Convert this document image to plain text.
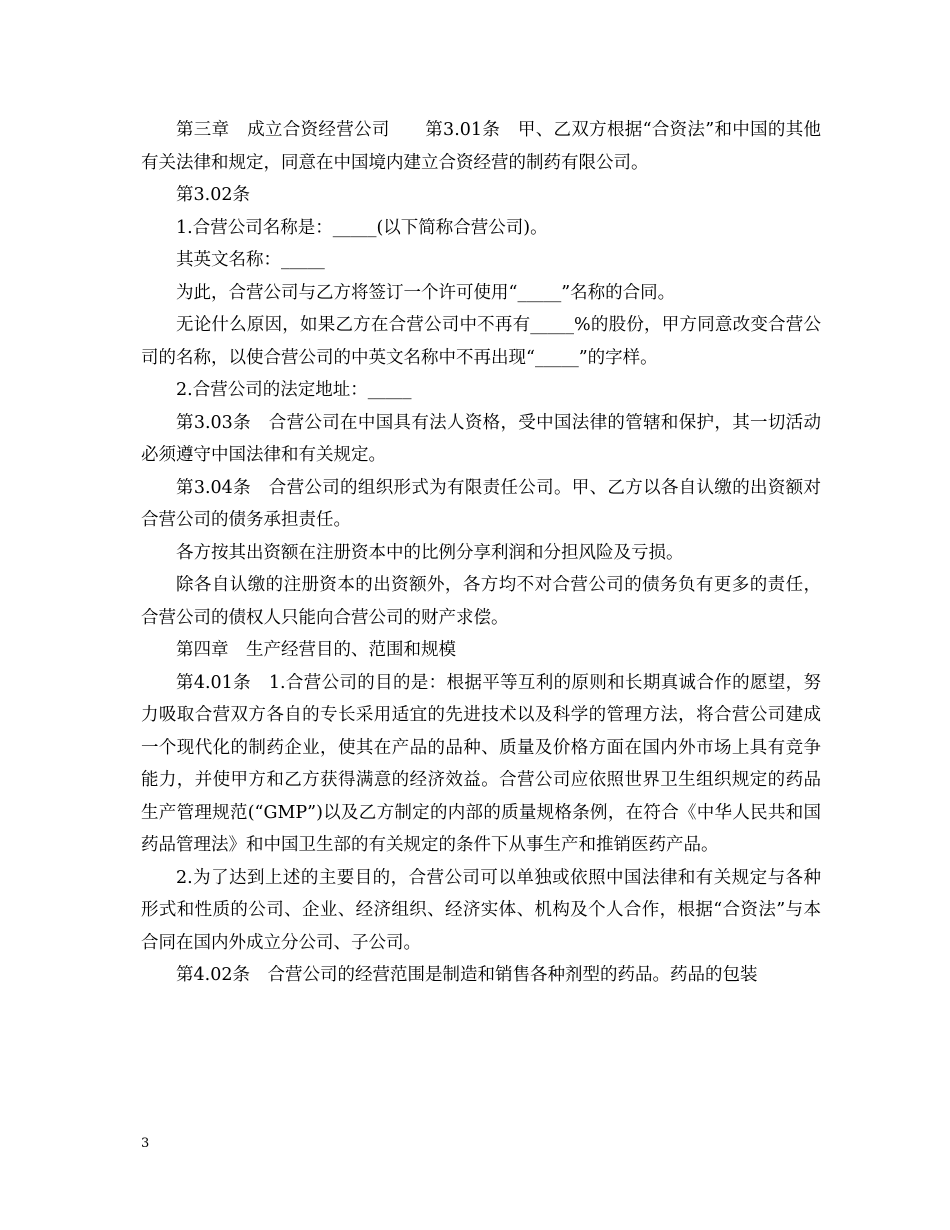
第三章　成立合资经营公司　　第3.01条　甲、乙双方根据“合资法”和中国的其他有关法律和规定，同意在中国境内建立合资经营的制药有限公司。

第3.02条

1.合营公司名称是：_____(以下简称合营公司)。

其英文名称：_____

为此，合营公司与乙方将签订一个许可使用“_____”名称的合同。

无论什么原因，如果乙方在合营公司中不再有_____%的股份，甲方同意改变合营公司的名称，以使合营公司的中英文名称中不再出现“_____”的字样。

2.合营公司的法定地址：_____

第3.03条　合营公司在中国具有法人资格，受中国法律的管辖和保护，其一切活动必须遵守中国法律和有关规定。

第3.04条　合营公司的组织形式为有限责任公司。甲、乙方以各自认缴的出资额对合营公司的债务承担责任。

各方按其出资额在注册资本中的比例分享利润和分担风险及亏损。

除各自认缴的注册资本的出资额外，各方均不对合营公司的债务负有更多的责任，合营公司的债权人只能向合营公司的财产求偿。

第四章　生产经营目的、范围和规模

第4.01条　1.合营公司的目的是：根据平等互利的原则和长期真诚合作的愿望，努力吸取合营双方各自的专长采用适宜的先进技术以及科学的管理方法，将合营公司建成一个现代化的制药企业，使其在产品的品种、质量及价格方面在国内外市场上具有竞争能力，并使甲方和乙方获得满意的经济效益。合营公司应依照世界卫生组织规定的药品生产管理规范(“GMP”)以及乙方制定的内部的质量规格条例，在符合《中华人民共和国药品管理法》和中国卫生部的有关规定的条件下从事生产和推销医药产品。

2.为了达到上述的主要目的，合营公司可以单独或依照中国法律和有关规定与各种形式和性质的公司、企业、经济组织、经济实体、机构及个人合作，根据“合资法”与本合同在国内外成立分公司、子公司。

第4.02条　合营公司的经营范围是制造和销售各种剂型的药品。药品的包装

3
